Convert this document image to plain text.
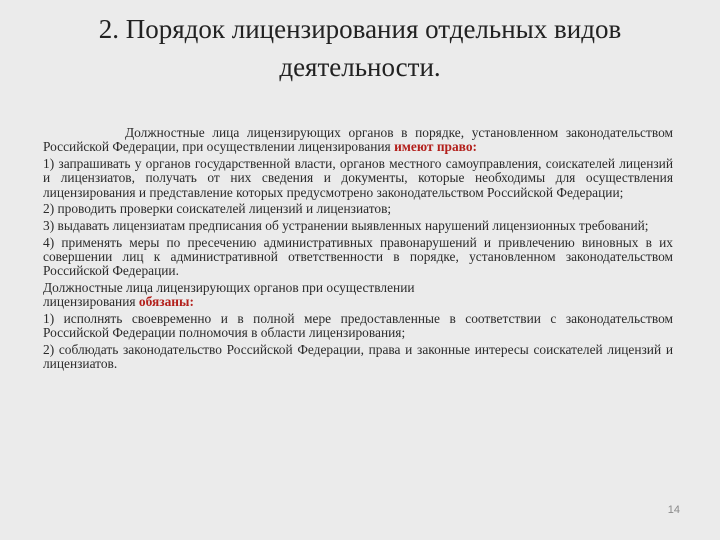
2. Порядок лицензирования отдельных видов
деятельности.

Должностные лица лицензирующих органов в порядке, установленном законодательством Российской Федерации, при осуществлении лицензирования имеют право:

1) запрашивать у органов государственной власти, органов местного самоуправления, соискателей лицензий и лицензиатов, получать от них сведения и документы, которые необходимы для осуществления лицензирования и представление которых предусмотрено законодательством Российской Федерации;

2) проводить проверки соискателей лицензий и лицензиатов;

3) выдавать лицензиатам предписания об устранении выявленных нарушений лицензионных требований;

4) применять меры по пресечению административных правонарушений и привлечению виновных в их совершении лиц к административной ответственности в порядке, установленном законодательством Российской Федерации.

Должностные лица лицензирующих органов при осуществлении
лицензирования обязаны:

1) исполнять своевременно и в полной мере предоставленные в соответствии с законодательством Российской Федерации полномочия в области лицензирования;

2) соблюдать законодательство Российской Федерации, права и законные интересы соискателей лицензий и лицензиатов.

14
